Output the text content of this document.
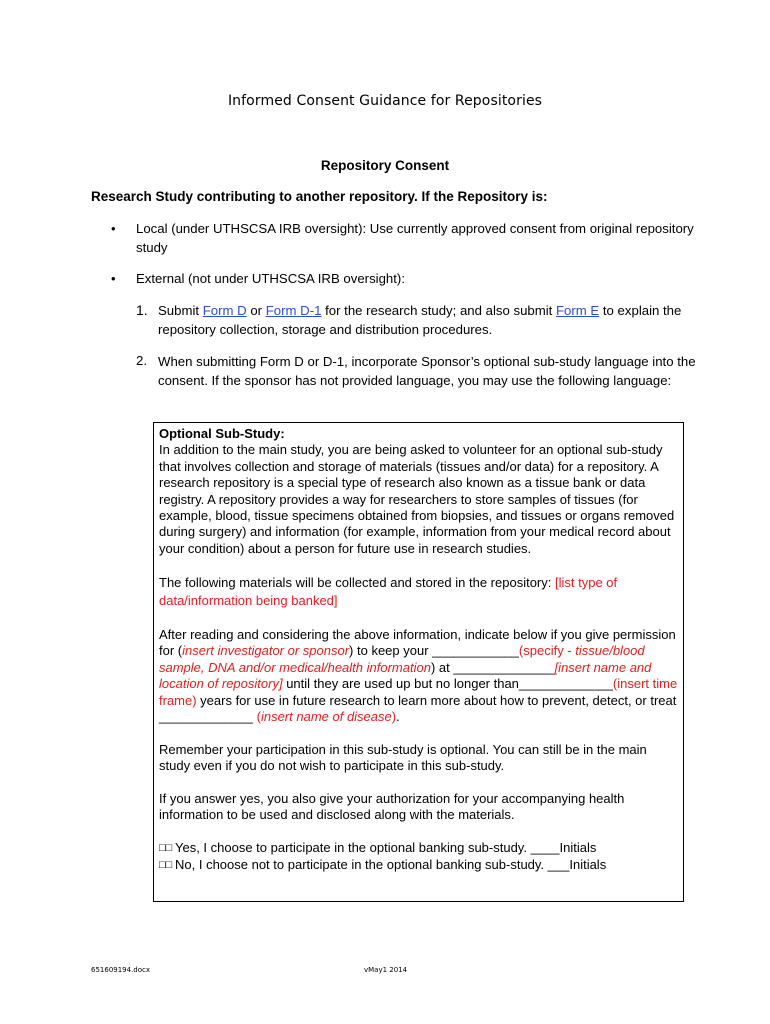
Informed Consent Guidance for Repositories
Repository Consent
Research Study contributing to another repository. If the Repository is:
• Local (under UTHSCSA IRB oversight): Use currently approved consent from original repository study
• External (not under UTHSCSA IRB oversight):
1. Submit Form D or Form D-1 for the research study; and also submit Form E to explain the repository collection, storage and distribution procedures.
2. When submitting Form D or D-1, incorporate Sponsor’s optional sub-study language into the consent. If the sponsor has not provided language, you may use the following language:

Optional Sub-Study:

In addition to the main study, you are being asked to volunteer for an optional sub-study that involves collection and storage of materials (tissues and/or data) for a repository. A research repository is a special type of research also known as a tissue bank or data registry. A repository provides a way for researchers to store samples of tissues (for example, blood, tissue specimens obtained from biopsies, and tissues or organs removed during surgery) and information (for example, information from your medical record about your condition) about a person for future use in research studies.

The following materials will be collected and stored in the repository: [list type of data/information being banked]

After reading and considering the above information, indicate below if you give permission for (insert investigator or sponsor) to keep your ____________(specify - tissue/blood sample, DNA and/or medical/health information) at ______________[insert name and location of repository] until they are used up but no longer than_____________(insert time frame) years for use in future research to learn more about how to prevent, detect, or treat _____________ (insert name of disease).

Remember your participation in this sub-study is optional. You can still be in the main study even if you do not wish to participate in this sub-study.

If you answer yes, you also give your authorization for your accompanying health information to be used and disclosed along with the materials.

□□ Yes, I choose to participate in the optional banking sub-study. ____Initials

□□ No, I choose not to participate in the optional banking sub-study. ___Initials

651609194.docx	vMay1 2014
